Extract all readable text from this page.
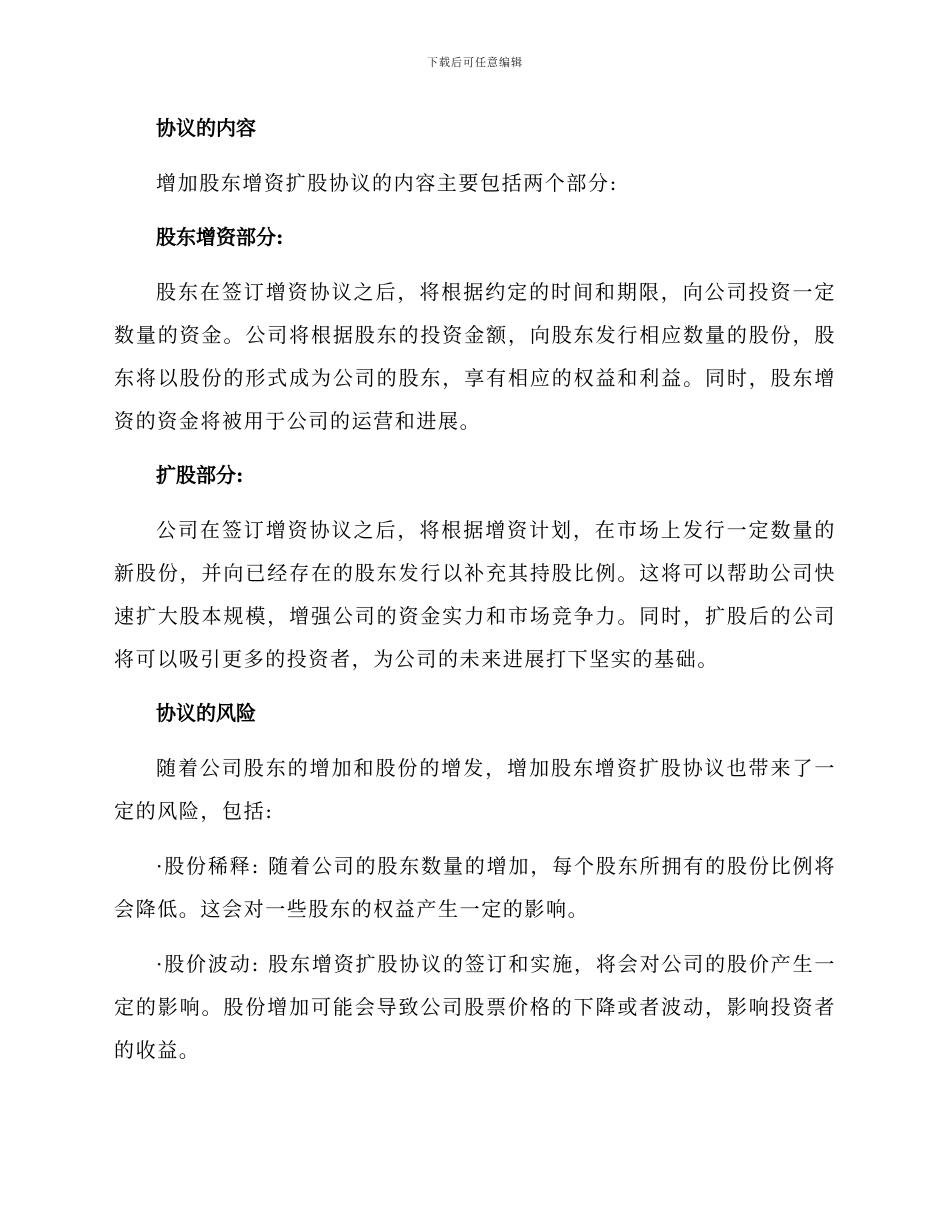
下载后可任意编辑
协议的内容

增加股东增资扩股协议的内容主要包括两个部分:

股东增资部分:

股东在签订增资协议之后，将根据约定的时间和期限，向公司投资一定数量的资金。公司将根据股东的投资金额，向股东发行相应数量的股份，股东将以股份的形式成为公司的股东，享有相应的权益和利益。同时，股东增资的资金将被用于公司的运营和进展。

扩股部分:

公司在签订增资协议之后，将根据增资计划，在市场上发行一定数量的新股份，并向已经存在的股东发行以补充其持股比例。这将可以帮助公司快速扩大股本规模，增强公司的资金实力和市场竞争力。同时，扩股后的公司将可以吸引更多的投资者，为公司的未来进展打下坚实的基础。

协议的风险

随着公司股东的增加和股份的增发，增加股东增资扩股协议也带来了一定的风险，包括:

·股份稀释: 随着公司的股东数量的增加，每个股东所拥有的股份比例将会降低。这会对一些股东的权益产生一定的影响。

·股价波动: 股东增资扩股协议的签订和实施，将会对公司的股价产生一定的影响。股份增加可能会导致公司股票价格的下降或者波动，影响投资者的收益。
